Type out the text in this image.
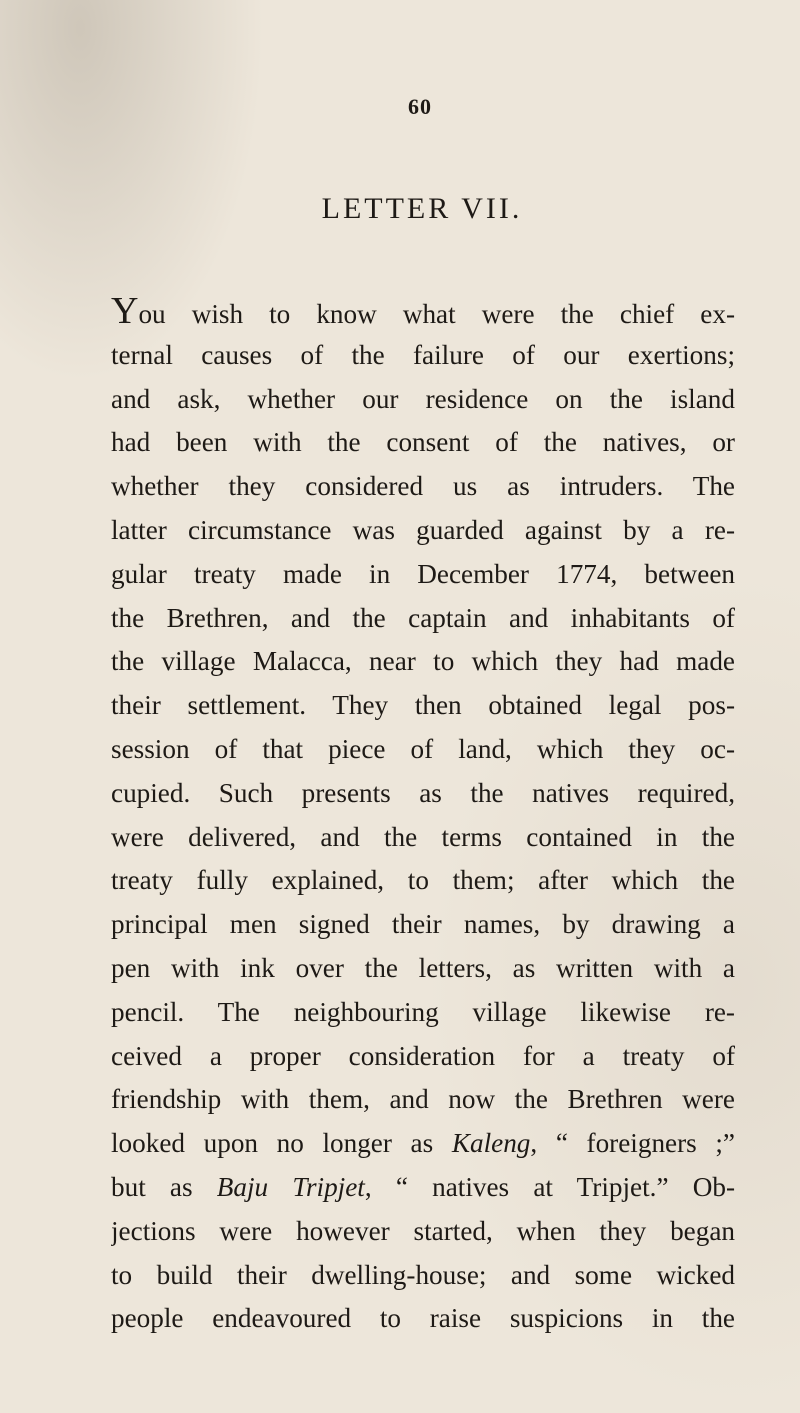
60
LETTER VII.
You wish to know what were the chief ex-
ternal causes of the failure of our exertions;
and ask, whether our residence on the island
had been with the consent of the natives, or
whether they considered us as intruders. The
latter circumstance was guarded against by a re-
gular treaty made in December 1774, between
the Brethren, and the captain and inhabitants of
the village Malacca, near to which they had made
their settlement. They then obtained legal pos-
session of that piece of land, which they oc-
cupied. Such presents as the natives required,
were delivered, and the terms contained in the
treaty fully explained, to them; after which the
principal men signed their names, by drawing a
pen with ink over the letters, as written with a
pencil. The neighbouring village likewise re-
ceived a proper consideration for a treaty of
friendship with them, and now the Brethren were
looked upon no longer as Kaleng, “ foreigners ;”
but as Baju Tripjet, “ natives at Tripjet.” Ob-
jections were however started, when they began
to build their dwelling-house; and some wicked
people endeavoured to raise suspicions in the
